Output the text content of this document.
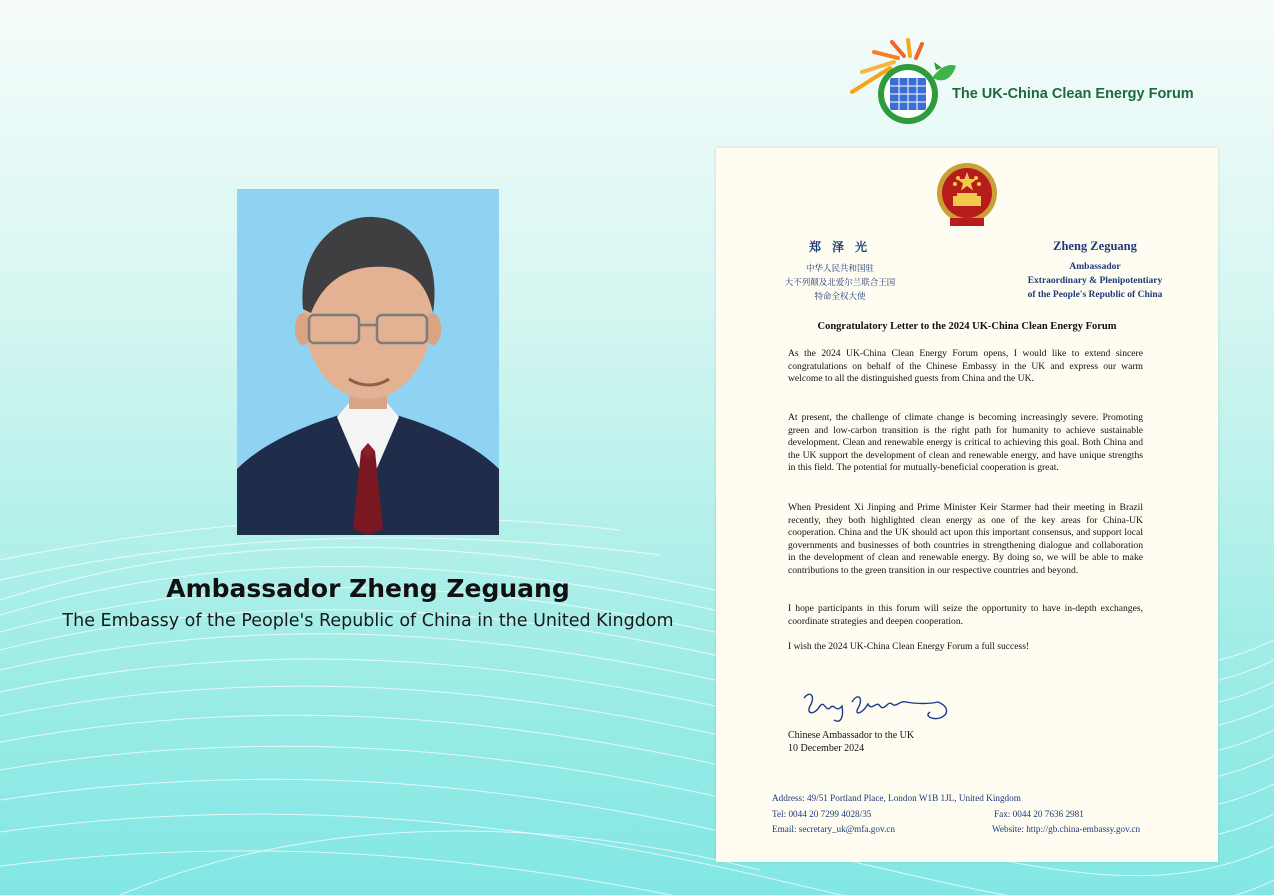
The UK-China Clean Energy Forum
Ambassador Zheng Zeguang
The Embassy of the People's Republic of China in the United Kingdom
郑 泽 光
中华人民共和国驻
大不列颠及北爱尔兰联合王国
特命全权大使
Zheng Zeguang
Ambassador
Extraordinary & Plenipotentiary
of the People's Republic of China
Congratulatory Letter to the 2024 UK-China Clean Energy Forum

As the 2024 UK-China Clean Energy Forum opens, I would like to extend sincere congratulations on behalf of the Chinese Embassy in the UK and express our warm welcome to all the distinguished guests from China and the UK.

At present, the challenge of climate change is becoming increasingly severe. Promoting green and low-carbon transition is the right path for humanity to achieve sustainable development. Clean and renewable energy is critical to achieving this goal. Both China and the UK support the development of clean and renewable energy, and have unique strengths in this field. The potential for mutually-beneficial cooperation is great.

When President Xi Jinping and Prime Minister Keir Starmer had their meeting in Brazil recently, they both highlighted clean energy as one of the key areas for China-UK cooperation. China and the UK should act upon this important consensus, and support local governments and businesses of both countries in strengthening dialogue and collaboration in the development of clean and renewable energy. By doing so, we will be able to make contributions to the green transition in our respective countries and beyond.

I hope participants in this forum will seize the opportunity to have in-depth exchanges, coordinate strategies and deepen cooperation.

I wish the 2024 UK-China Clean Energy Forum a full success!

Chinese Ambassador to the UK
10 December 2024
Address: 49/51 Portland Place, London W1B 1JL, United Kingdom
Tel: 0044 20 7299 4028/35	Fax: 0044 20 7636 2981
Email: secretary_uk@mfa.gov.cn	Website: http://gb.china-embassy.gov.cn
